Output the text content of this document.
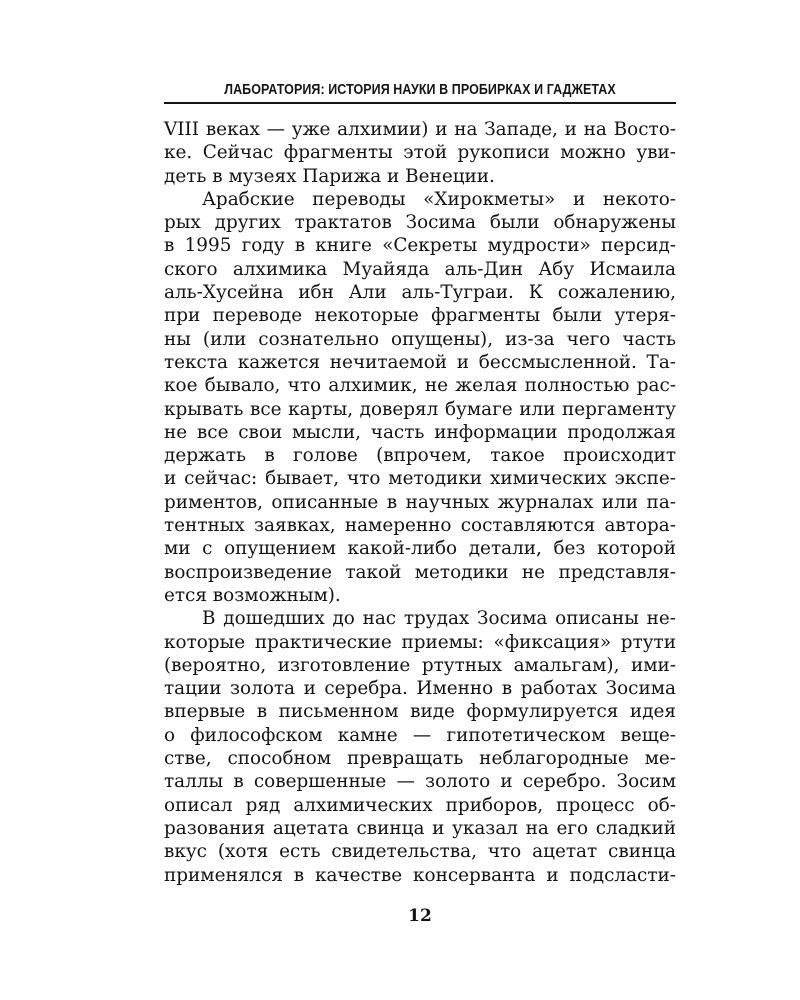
ЛАБОРАТОРИЯ: ИСТОРИЯ НАУКИ В ПРОБИРКАХ И ГАДЖЕТАХ
VIII веках — уже алхимии) и на Западе, и на Восто-
ке. Сейчас фрагменты этой рукописи можно уви-
деть в музеях Парижа и Венеции.
Арабские переводы «Хирокметы» и некото-
рых других трактатов Зосима были обнаружены
в 1995 году в книге «Секреты мудрости» персид-
ского алхимика Муайяда аль-Дин Абу Исмаила
аль-Хусейна ибн Али аль-Туграи. К сожалению,
при переводе некоторые фрагменты были утеря-
ны (или сознательно опущены), из-за чего часть
текста кажется нечитаемой и бессмысленной. Та-
кое бывало, что алхимик, не желая полностью рас-
крывать все карты, доверял бумаге или пергаменту
не все свои мысли, часть информации продолжая
держать в голове (впрочем, такое происходит
и сейчас: бывает, что методики химических экспе-
риментов, описанные в научных журналах или па-
тентных заявках, намеренно составляются автора-
ми с опущением какой-либо детали, без которой
воспроизведение такой методики не представля-
ется возможным).
В дошедших до нас трудах Зосима описаны не-
которые практические приемы: «фиксация» ртути
(вероятно, изготовление ртутных амальгам), ими-
тации золота и серебра. Именно в работах Зосима
впервые в письменном виде формулируется идея
о философском камне — гипотетическом веще-
стве, способном превращать неблагородные ме-
таллы в совершенные — золото и серебро. Зосим
описал ряд алхимических приборов, процесс об-
разования ацетата свинца и указал на его сладкий
вкус (хотя есть свидетельства, что ацетат свинца
применялся в качестве консерванта и подсласти-
12
